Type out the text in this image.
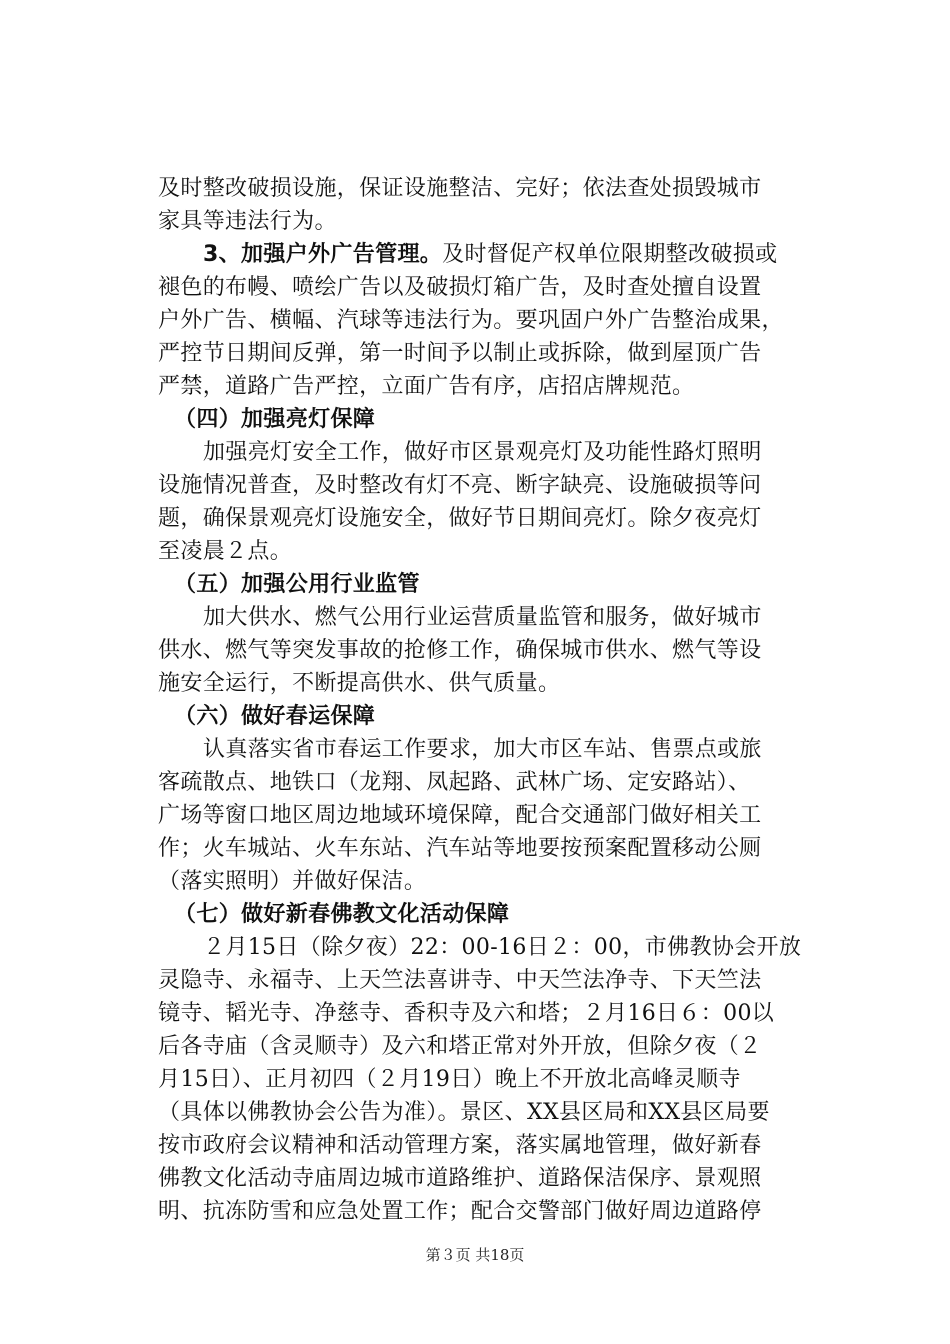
及时整改破损设施，保证设施整洁、完好；依法查处损毁城市
家具等违法行为。
3、加强户外广告管理。及时督促产权单位限期整改破损或
褪色的布幔、喷绘广告以及破损灯箱广告，及时查处擅自设置
户外广告、横幅、汽球等违法行为。要巩固户外广告整治成果，
严控节日期间反弹，第一时间予以制止或拆除，做到屋顶广告
严禁，道路广告严控，立面广告有序，店招店牌规范。
（四）加强亮灯保障
加强亮灯安全工作，做好市区景观亮灯及功能性路灯照明
设施情况普查，及时整改有灯不亮、断字缺亮、设施破损等问
题，确保景观亮灯设施安全，做好节日期间亮灯。除夕夜亮灯
至凌晨２点。
（五）加强公用行业监管
加大供水、燃气公用行业运营质量监管和服务，做好城市
供水、燃气等突发事故的抢修工作，确保城市供水、燃气等设
施安全运行，不断提高供水、供气质量。
（六）做好春运保障
认真落实省市春运工作要求，加大市区车站、售票点或旅
客疏散点、地铁口（龙翔、凤起路、武林广场、定安路站）、
广场等窗口地区周边地域环境保障，配合交通部门做好相关工
作；火车城站、火车东站、汽车站等地要按预案配置移动公厕
（落实照明）并做好保洁。
（七）做好新春佛教文化活动保障
２月15日（除夕夜）22：00-16日２：00，市佛教协会开放
灵隐寺、永福寺、上天竺法喜讲寺、中天竺法净寺、下天竺法
镜寺、韬光寺、净慈寺、香积寺及六和塔；２月16日６：00以
后各寺庙（含灵顺寺）及六和塔正常对外开放，但除夕夜（２
月15日）、正月初四（２月19日）晚上不开放北高峰灵顺寺
（具体以佛教协会公告为准）。景区、XX县区局和XX县区局要
按市政府会议精神和活动管理方案，落实属地管理，做好新春
佛教文化活动寺庙周边城市道路维护、道路保洁保序、景观照
明、抗冻防雪和应急处置工作；配合交警部门做好周边道路停
第３页 共18页
